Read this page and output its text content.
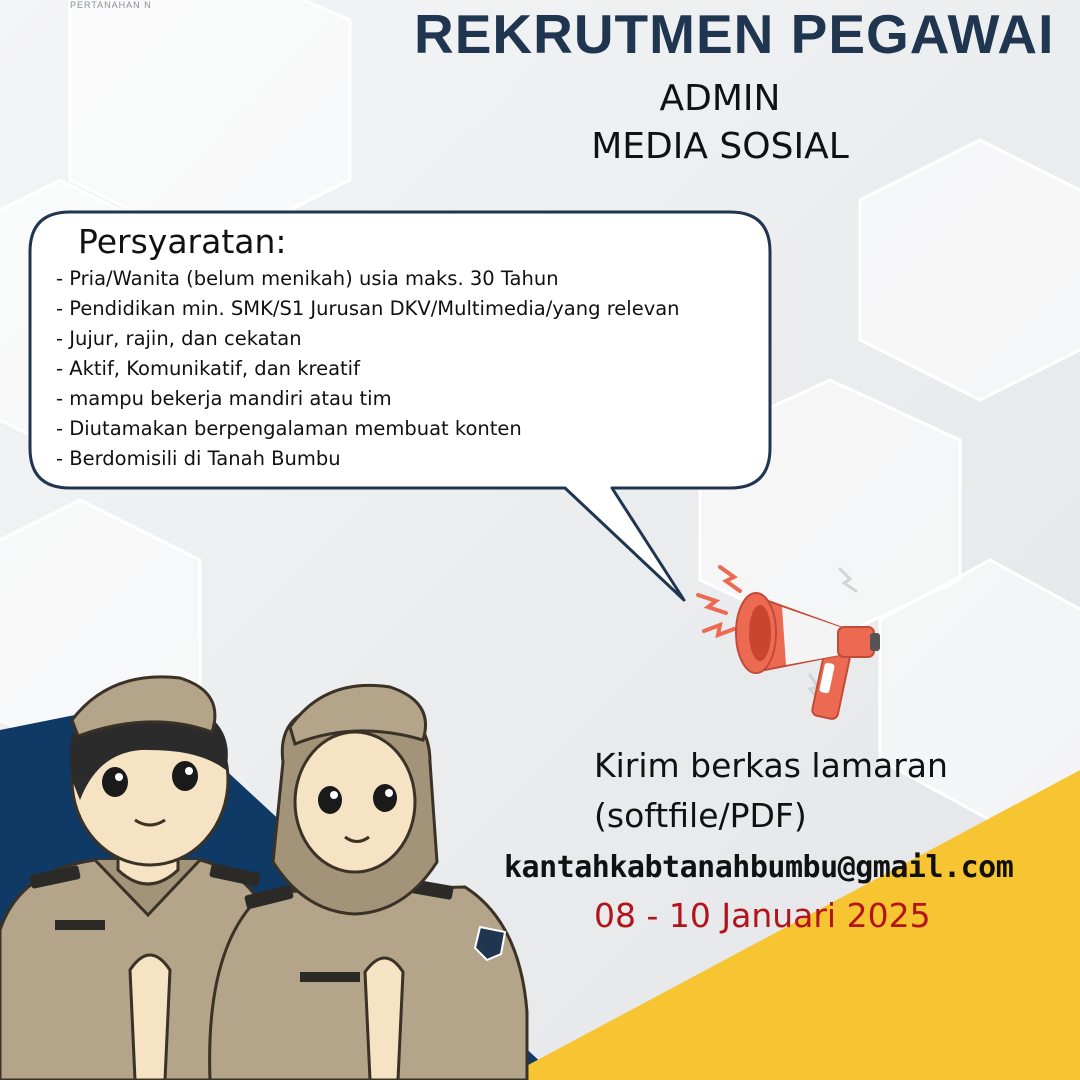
PERTANAHAN N	REKRUTMEN PEGAWAI
ADMIN
MEDIA SOSIAL
Persyaratan:
- Pria/Wanita (belum menikah) usia maks. 30 Tahun
- Pendidikan min. SMK/S1 Jurusan DKV/Multimedia/yang relevan
- Jujur, rajin, dan cekatan
- Aktif, Komunikatif, dan kreatif
- mampu bekerja mandiri atau tim
- Diutamakan berpengalaman membuat konten
- Berdomisili di Tanah Bumbu
Kirim berkas lamaran
(softfile/PDF)
kantahkabtanahbumbu@gmail.com
08 - 10 Januari 2025
